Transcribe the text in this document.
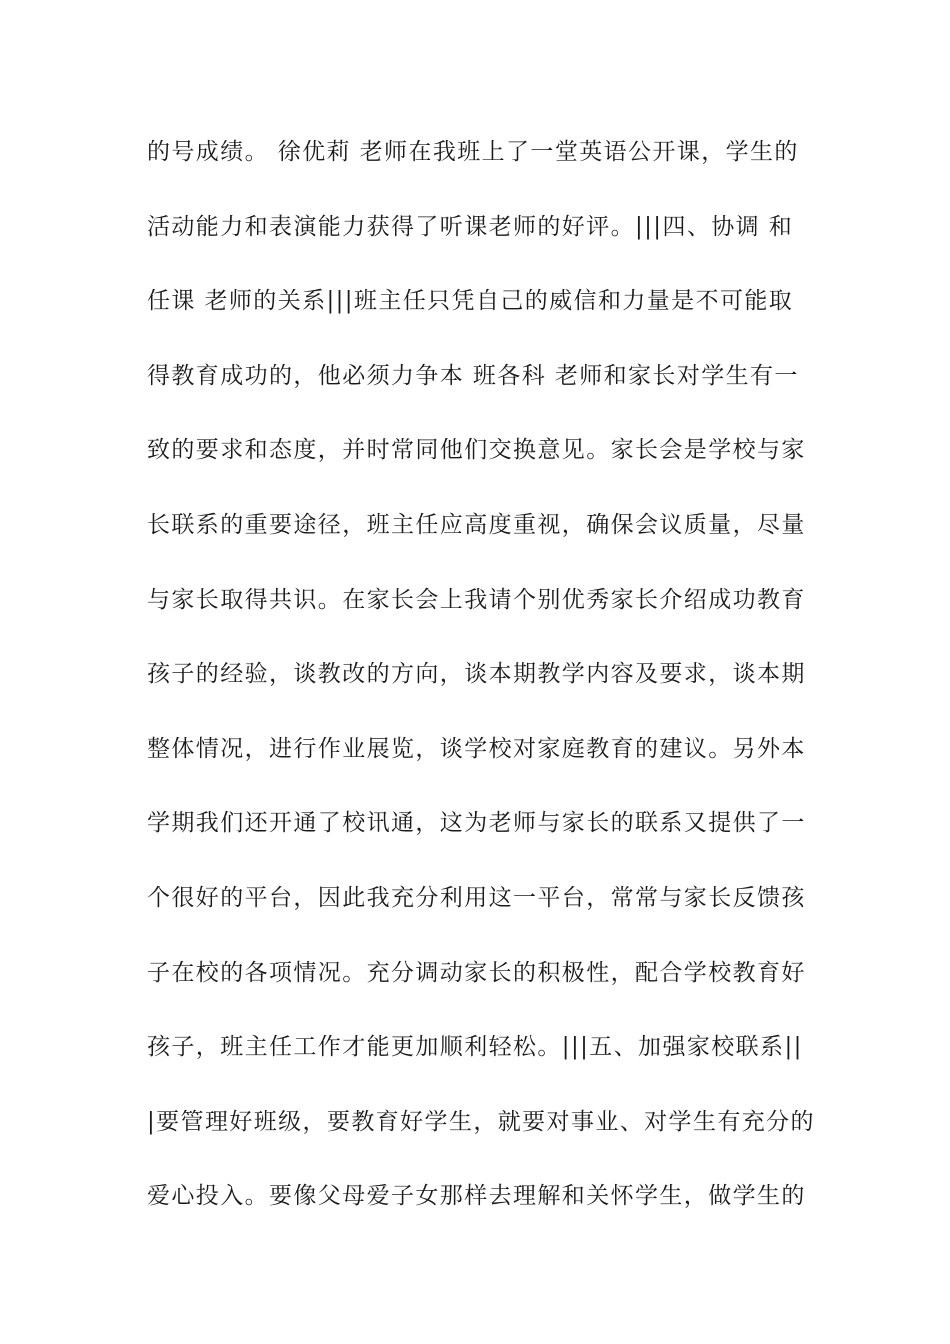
的号成绩。 徐优莉 老师在我班上了一堂英语公开课，学生的
活动能力和表演能力获得了听课老师的好评。|||四、协调 和
任课 老师的关系|||班主任只凭自己的威信和力量是不可能取
得教育成功的，他必须力争本 班各科 老师和家长对学生有一
致的要求和态度，并时常同他们交换意见。家长会是学校与家
长联系的重要途径，班主任应高度重视，确保会议质量，尽量
与家长取得共识。在家长会上我请个别优秀家长介绍成功教育
孩子的经验，谈教改的方向，谈本期教学内容及要求，谈本期
整体情况，进行作业展览，谈学校对家庭教育的建议。另外本
学期我们还开通了校讯通，这为老师与家长的联系又提供了一
个很好的平台，因此我充分利用这一平台，常常与家长反馈孩
子在校的各项情况。充分调动家长的积极性，配合学校教育好
孩子，班主任工作才能更加顺利轻松。|||五、加强家校联系||
|要管理好班级，要教育好学生，就要对事业、对学生有充分的
爱心投入。要像父母爱子女那样去理解和关怀学生，做学生的
